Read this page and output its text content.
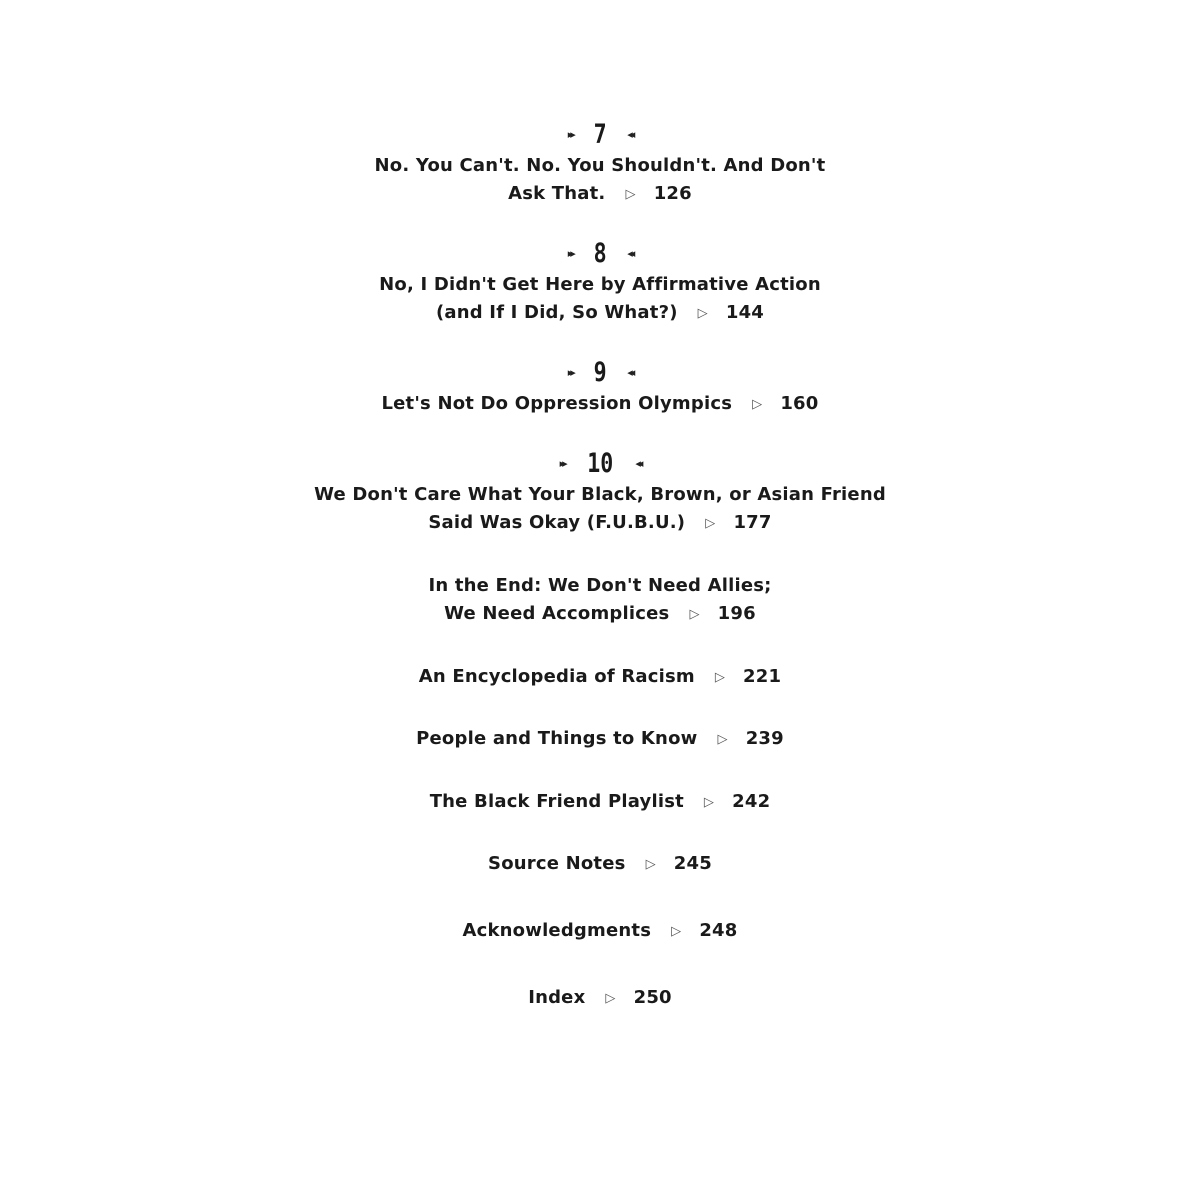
▸▸ 7 ◂◂
No. You Can't. No. You Shouldn't. And Don't
Ask That. ▷ 126
▸▸ 8 ◂◂
No, I Didn't Get Here by Affirmative Action
(and If I Did, So What?) ▷ 144
▸▸ 9 ◂◂
Let's Not Do Oppression Olympics ▷ 160
▸▸ 10 ◂◂
We Don't Care What Your Black, Brown, or Asian Friend
Said Was Okay (F.U.B.U.) ▷ 177
In the End: We Don't Need Allies;
We Need Accomplices ▷ 196
An Encyclopedia of Racism ▷ 221
People and Things to Know ▷ 239
The Black Friend Playlist ▷ 242
Source Notes ▷ 245
Acknowledgments ▷ 248
Index ▷ 250
